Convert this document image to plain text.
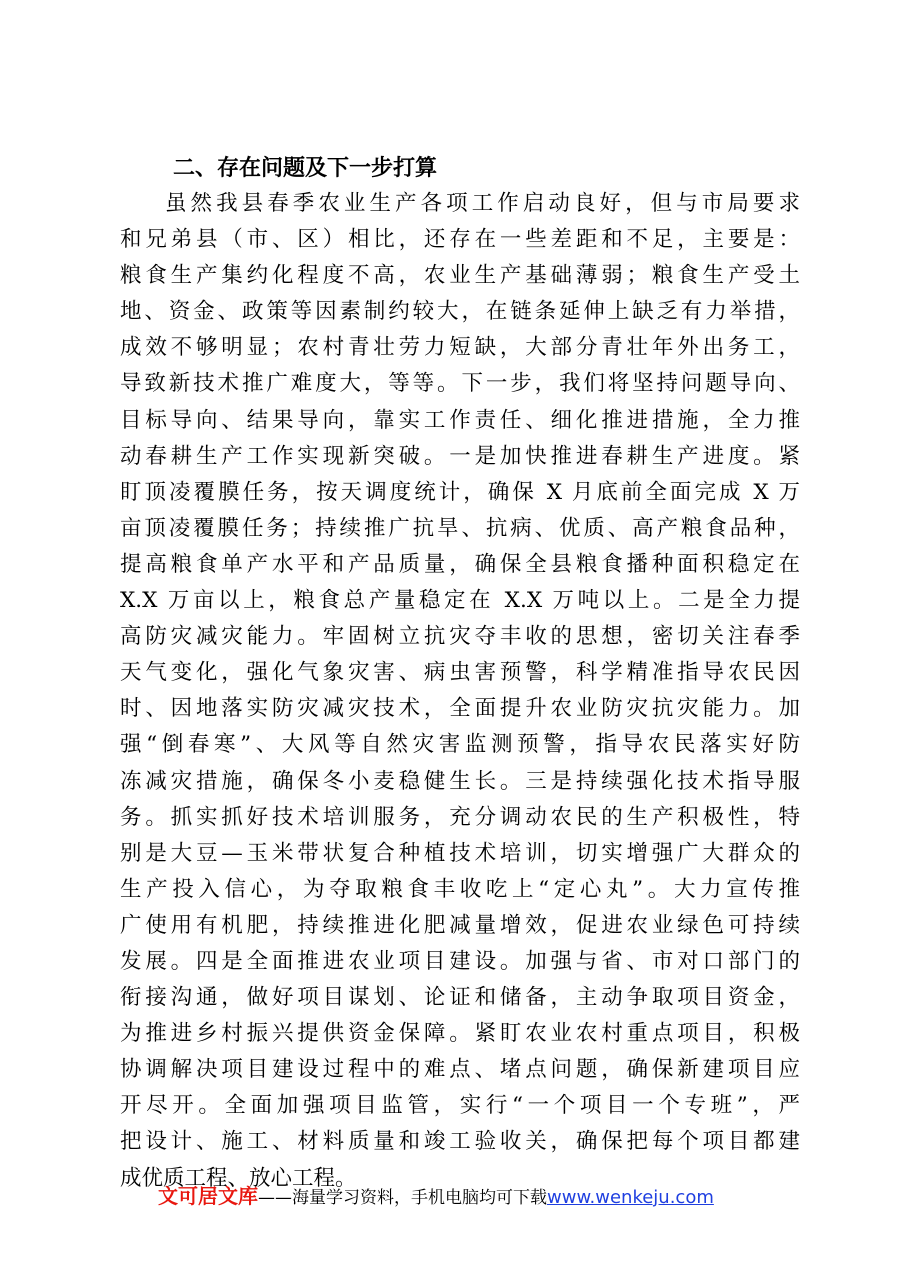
二、存在问题及下一步打算
虽然我县春季农业生产各项工作启动良好，但与市局要求
和兄弟县（市、区）相比，还存在一些差距和不足，主要是：
粮食生产集约化程度不高，农业生产基础薄弱；粮食生产受土
地、资金、政策等因素制约较大，在链条延伸上缺乏有力举措，
成效不够明显；农村青壮劳力短缺，大部分青壮年外出务工，
导致新技术推广难度大，等等。下一步，我们将坚持问题导向、
目标导向、结果导向，靠实工作责任、细化推进措施，全力推
动春耕生产工作实现新突破。一是加快推进春耕生产进度。紧
盯顶凌覆膜任务，按天调度统计，确保 X 月底前全面完成 X 万
亩顶凌覆膜任务；持续推广抗旱、抗病、优质、高产粮食品种，
提高粮食单产水平和产品质量，确保全县粮食播种面积稳定在
X.X 万亩以上，粮食总产量稳定在 X.X 万吨以上。二是全力提
高防灾减灾能力。牢固树立抗灾夺丰收的思想，密切关注春季
天气变化，强化气象灾害、病虫害预警，科学精准指导农民因
时、因地落实防灾减灾技术，全面提升农业防灾抗灾能力。加
强“倒春寒”、大风等自然灾害监测预警，指导农民落实好防
冻减灾措施，确保冬小麦稳健生长。三是持续强化技术指导服
务。抓实抓好技术培训服务，充分调动农民的生产积极性，特
别是大豆—玉米带状复合种植技术培训，切实增强广大群众的
生产投入信心，为夺取粮食丰收吃上“定心丸”。大力宣传推
广使用有机肥，持续推进化肥减量增效，促进农业绿色可持续
发展。四是全面推进农业项目建设。加强与省、市对口部门的
衔接沟通，做好项目谋划、论证和储备，主动争取项目资金，
为推进乡村振兴提供资金保障。紧盯农业农村重点项目，积极
协调解决项目建设过程中的难点、堵点问题，确保新建项目应
开尽开。全面加强项目监管，实行“一个项目一个专班”，严
把设计、施工、材料质量和竣工验收关，确保把每个项目都建
成优质工程、放心工程。
文可居文库——海量学习资料，手机电脑均可下载www.wenkeju.com
